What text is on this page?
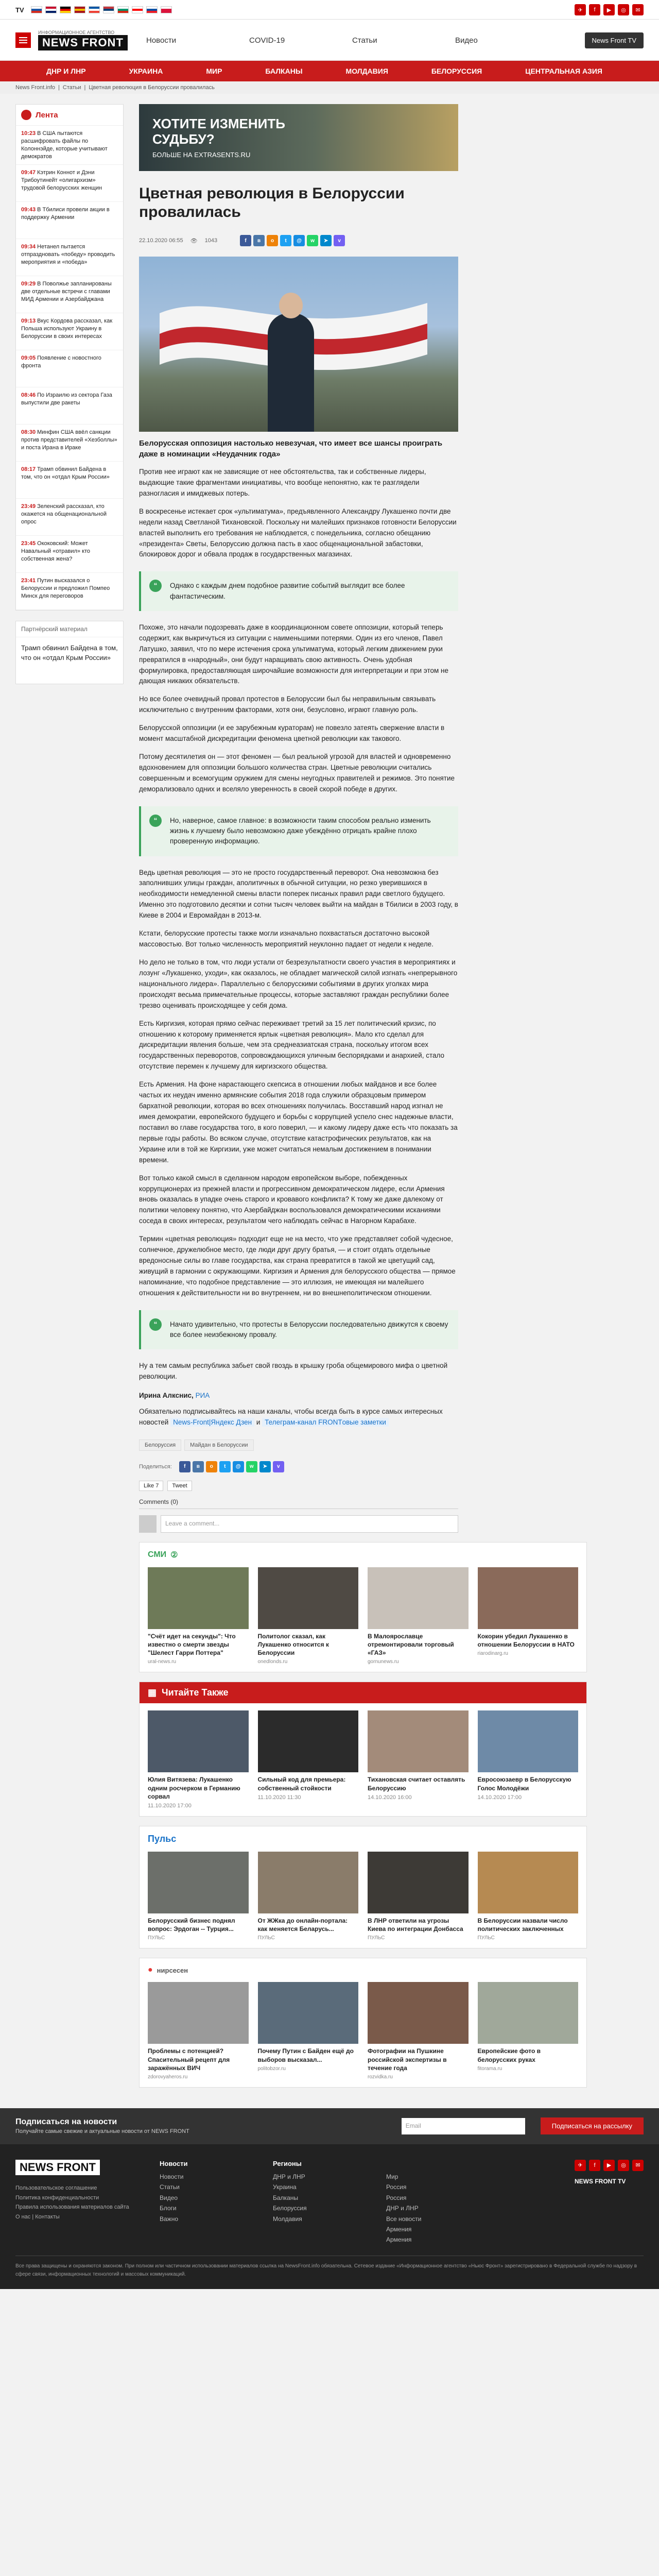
TV	✈	f	▶	◎	✉
ИНФОРМАЦИОННОЕ АГЕНТСТВО
NEWS FRONT	Новости	COVID-19	Статьи	Видео	News Front TV
ДНР И ЛНР	УКРАИНА	МИР	БАЛКАНЫ	МОЛДАВИЯ	БЕЛОРУССИЯ	ЦЕНТРАЛЬНАЯ АЗИЯ
News Front.info | Статьи | Цветная революция в Белоруссии провалилась
Лента
10:23 В США пытаются расшифровать файлы по Колоннэйде, которые учитывают демократов
09:47 Кэтрин Коннот и Дэни Трибоутинейт «олигархизм» трудовой белорусских женщин
09:43 В Тбилиси провели акции в поддержку Армении
09:34 Нетанел пытается отпраздновать «победу» проводить мероприятия и «победа»
09:29 В Поволжье запланированы две отдельные встречи с главами МИД Армении и Азербайджана
09:13 Вкус Кордова рассказал, как Польша используют Украину в Белоруссии в своих интересах
09:05 Появление с новостного фронта
08:46 По Израилю из сектора Газа выпустили две ракеты
08:30 Минфин США ввёл санкции против представителей «Хезболлы» и поста Ирана в Ираке
08:17 Трамп обвинил Байдена в том, что он «отдал Крым России»
23:49 Зеленский рассказал, кто окажется на общенациональной опрос
23:45 Ококовский: Может Навальный «отравил» кто собственная жена?
23:41 Путин высказался о Белоруссии и предложил Помпео Минск для переговоров
Партнёрский материал
Трамп обвинил Байдена в том, что он «отдал Крым России»
ХОТИТЕ ИЗМЕНИТЬ
СУДЬБУ?
БОЛЬШЕ НА EXTRASENTS.RU
Цветная революция в Белоруссии провалилась
22.10.2020 06:55 👁 1043	f	в	о	t	@	w	➤	v

Белорусская оппозиция настолько невезучая, что имеет все шансы проиграть даже в номинации «Неудачник года»

Против нее играют как не зависящие от нее обстоятельства, так и собственные лидеры, выдающие такие фрагментами инициативы, что вообще непонятно, как те разглядели разногласия и имиджевых потерь.

В воскресенье истекает срок «ультиматума», предъявленного Александру Лукашенко почти две недели назад Светланой Тихановской. Поскольку ни малейших признаков готовности Белоруссии властей выполнить его требования не наблюдается, с понедельника, согласно обещанию «президента» Светы, Белоруссию должна пасть в хаос общенациональной забастовки, блокировок дорог и обвала продаж в государственных магазинах.

“	Однако с каждым днем подобное развитие событий выглядит все более фантастическим.

Похоже, это начали подозревать даже в координационном совете оппозиции, который теперь содержит, как выкричуться из ситуации с наименьшими потерями. Один из его членов, Павел Латушко, заявил, что по мере истечения срока ультиматума, который легким движением руки превратился в «народный», они будут наращивать свою активность. Очень удобная формулировка, предоставляющая широчайшие возможности для интерпретации и при этом не дающая никаких обязательств.

Но все более очевидный провал протестов в Белоруссии был бы неправильным связывать исключительно с внутренним факторами, хотя они, безусловно, играют главную роль.

Белорусской оппозиции (и ее зарубежным кураторам) не повезло затеять свержение власти в момент масштабной дискредитации феномена цветной революции как такового.

Потому десятилетия он — этот феномен — был реальной угрозой для властей и одновременно вдохновением для оппозиции большого количества стран. Цветные революции считались совершенным и всемогущим оружием для смены неугодных правителей и режимов. Это понятие деморализовало одних и вселяло уверенность в своей скорой победе в других.

“	Но, наверное, самое главное: в возможности таким способом реально изменить жизнь к лучшему было невозможно даже убеждённо отрицать крайне плохо проверенную информацию.

Ведь цветная революция — это не просто государственный переворот. Она невозможна без заполнивших улицы граждан, аполитичных в обычной ситуации, но резко уверившихся в необходимости немедленной смены власти поперек писаных правил ради светлого будущего. Именно это подготовило десятки и сотни тысяч человек выйти на майдан в Тбилиси в 2003 году, в Киеве в 2004 и Евромайдан в 2013-м.

Кстати, белорусские протесты также могли изначально похвастаться достаточно высокой массовостью. Вот только численность мероприятий неуклонно падает от недели к неделе.

Но дело не только в том, что люди устали от безрезультатности своего участия в мероприятиях и лозунг «Лукашенко, уходи», как оказалось, не обладает магической силой изгнать «непрерывного национального лидера». Параллельно с белорусскими событиями в других уголках мира происходят весьма примечательные процессы, которые заставляют граждан республики более трезво оценивать происходящее у себя дома.

Есть Киргизия, которая прямо сейчас переживает третий за 15 лет политический кризис, по отношению к которому применяется ярлык «цветная революция». Мало кто сделал для дискредитации явления больше, чем эта среднеазиатская страна, поскольку итогом всех государственных переворотов, сопровождающихся уличным беспорядками и анархией, стало отсутствие перемен к лучшему для киргизского общества.

Есть Армения. На фоне нарастающего скепсиса в отношении любых майданов и все более частых их неудач именно армянские события 2018 года служили образцовым примером бархатной революции, которая во всех отношениях получилась. Восставший народ изгнал не имея демократии, европейского будущего и борьбы с коррупцией успело снес надежные власти, поставил во главе государства того, в кого поверил, — и какому лидеру даже есть что показать за первые годы работы. Во всяком случае, отсутствие катастрофических результатов, как на Украине или в той же Киргизии, уже может считаться немалым достижением в понимании времени.

Вот только какой смысл в сделанном народом европейском выборе, побежденных коррупционерах из прежней власти и прогрессивном демократическом лидере, если Армения вновь оказалась в упадке очень старого и кровавого конфликта? К тому же даже далекому от политики человеку понятно, что Азербайджан воспользовался демократическими исканиями соседа в своих интересах, результатом чего наблюдать сейчас в Нагорном Карабахе.

Термин «цветная революция» подходит еще не на место, что уже представляет собой чудесное, солнечное, дружелюбное место, где люди друг другу братья, — и стоит отдать отдельные вредоносные силы во главе государства, как страна превратится в такой же цветущий сад, живущий в гармонии с окружающими. Киргизия и Армения для белорусского общества — прямое напоминание, что подобное представление — это иллюзия, не имеющая ни малейшего отношения к действительности ни во внутреннем, ни во внешнеполитическом отношении.

“	Начато удивительно, что протесты в Белоруссии последовательно движутся к своему все более неизбежному провалу.

Ну а тем самым республика забьет свой гвоздь в крышку гроба общемирового мифа о цветной революции.

Ирина Алкснис, РИА

Обязательно подписывайтесь на наши каналы, чтобы всегда быть в курсе самых интересных новостей News-Front|Яндекс Дзен и Телеграм-канал FRONTовые заметки

Белоруссия	Майдан в Белоруссии
Поделиться:	f	в	о	t	@	w	➤	v
Like 7	Tweet
Comments (0)
Leave a comment...
СМИ ②
"Счёт идет на секунды": Что известно о смерти звезды "Шелест Гарри Поттера"
ural-news.ru
Политолог сказал, как Лукашенко относится к Белоруссии
onedlonds.ru
В Малоярославце отремонтировали торговый «ГАЗ»
gornunews.ru
Кокорин убедил Лукашенко в отношении Белоруссии в НАТО
riarodinarg.ru
▦ Читайте Также
Юлия Витязева: Лукашенко одним росчерком в Германию сорвал
11.10.2020 17:00
Сильный код для премьера: собственный стойкости
11.10.2020 11:30
Тихановская считает оставлять Белоруссию
14.10.2020 16:00
Евросоюзаевр в Белорусскую Голос Молодёжи
14.10.2020 17:00
Пульс
Белорусский бизнес поднял вопрос: Эрдоган -- Турция...
ПУЛЬС
От ЖЖка до онлайн-портала: как меняется Беларусь...
ПУЛЬС
В ЛНР ответили на угрозы Киева по интеграции Донбасса
ПУЛЬС
В Белоруссии назвали число политических заключенных
ПУЛЬС
● нирсесен
Проблемы с потенцией? Спасительный рецепт для заражённых ВИЧ
zdorovyaheros.ru
Почему Путин с Байден ещё до выборов высказал...
politobzor.ru
Фотографии на Пушкине российской экспертизы в течение года
rozvidka.ru
Европейские фото в белорусских руках
fitorama.ru
Подписаться на новости
Получайте самые свежие и актуальные новости от NEWS FRONT
Email	Подписаться на рассылку
NEWS FRONT
Пользовательское соглашение
Политика конфиденциальности
Правила использования материалов сайта
О нас | Контакты
Новости
Новости
Статьи
Видео
Блоги
Важно
Регионы
ДНР и ЛНР
Украина
Балканы
Белоруссия
Молдавия

Мир
Россия
Россия
ДНР и ЛНР
Все новости
Армения
Армения
✈	f	▶	◎	✉
NEWS FRONT TV
Все права защищены и охраняются законом. При полном или частичном использовании материалов ссылка на NewsFront.info обязательна. Сетевое издание «Информационное агентство «Ньюс Фронт» зарегистрировано в Федеральной службе по надзору в сфере связи, информационных технологий и массовых коммуникаций.
